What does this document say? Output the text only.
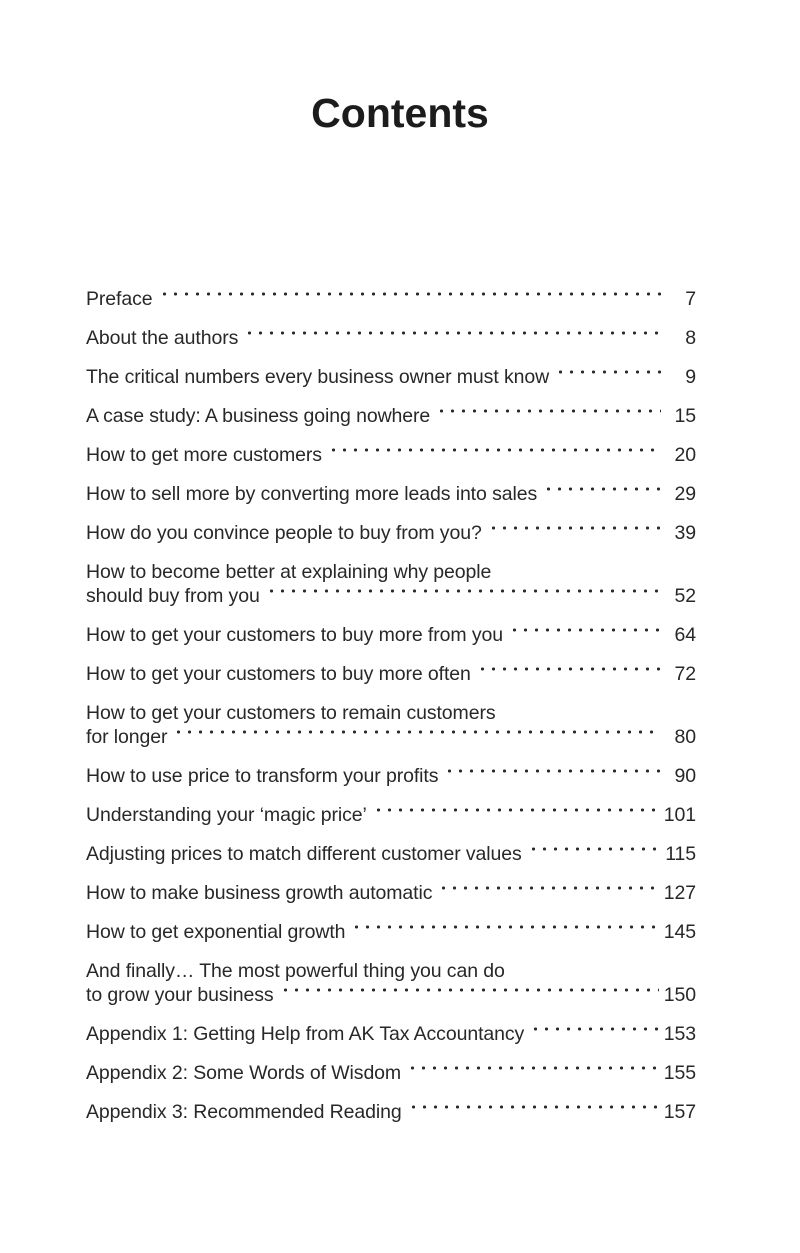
Contents
Preface	7
About the authors	8
The critical numbers every business owner must know	9
A case study: A business going nowhere	15
How to get more customers	20
How to sell more by converting more leads into sales	29
How do you convince people to buy from you?	39
How to become better at explaining why people
should buy from you	52
How to get your customers to buy more from you	64
How to get your customers to buy more often	72
How to get your customers to remain customers
for longer	80
How to use price to transform your profits	90
Understanding your ‘magic price’	101
Adjusting prices to match different customer values	115
How to make business growth automatic	127
How to get exponential growth	145
And finally… The most powerful thing you can do
to grow your business	150
Appendix 1: Getting Help from AK Tax Accountancy	153
Appendix 2: Some Words of Wisdom	155
Appendix 3: Recommended Reading	157
